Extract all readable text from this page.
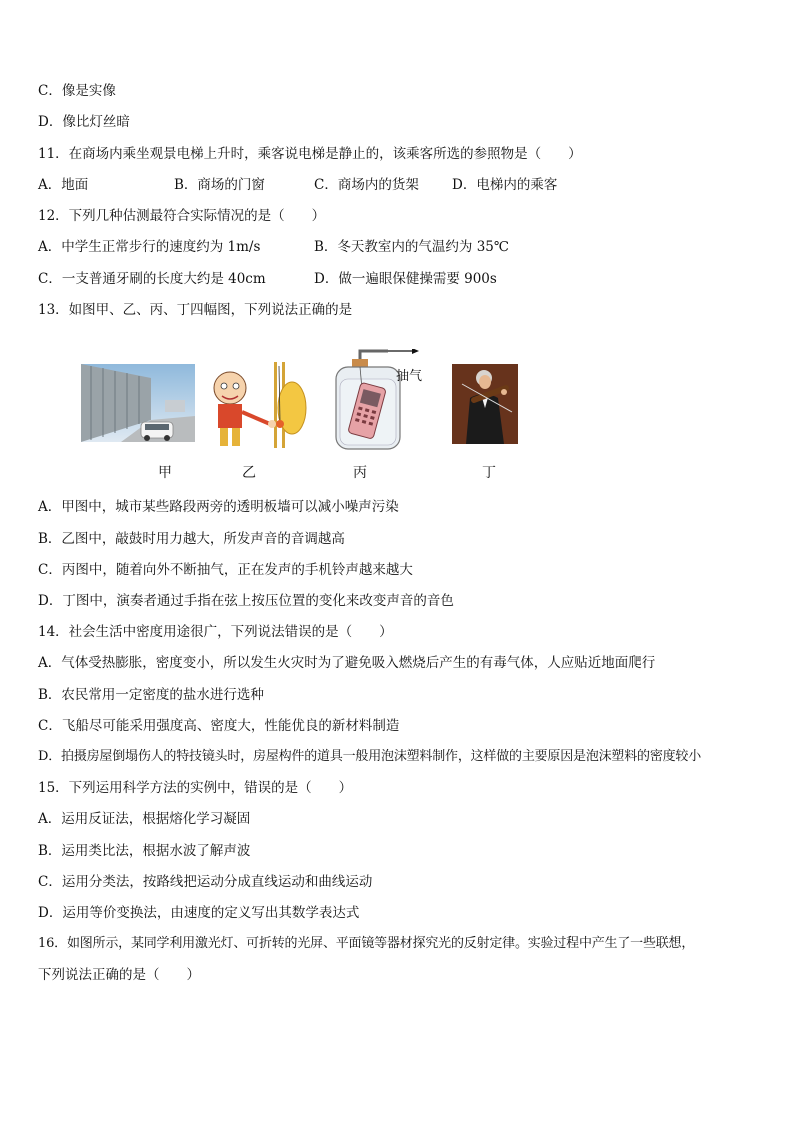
C．像是实像
D．像比灯丝暗
11．在商场内乘坐观景电梯上升时，乘客说电梯是静止的，该乘客所选的参照物是（　　）
A．地面	B．商场的门窗	C．商场内的货架 D．电梯内的乘客
12．下列几种估测最符合实际情况的是（　　）
A．中学生正常步行的速度约为 1m/s	B．冬天教室内的气温约为 35℃
C．一支普通牙刷的长度大约是 40cm	D．做一遍眼保健操需要 900s
13．如图甲、乙、丙、丁四幅图，下列说法正确的是
抽气
甲	乙	丙	丁
A．甲图中，城市某些路段两旁的透明板墙可以减小噪声污染
B．乙图中，敲鼓时用力越大，所发声音的音调越高
C．丙图中，随着向外不断抽气，正在发声的手机铃声越来越大
D．丁图中，演奏者通过手指在弦上按压位置的变化来改变声音的音色
14．社会生活中密度用途很广，下列说法错误的是（　　）
A．气体受热膨胀，密度变小，所以发生火灾时为了避免吸入燃烧后产生的有毒气体，人应贴近地面爬行
B．农民常用一定密度的盐水进行选种
C．飞船尽可能采用强度高、密度大，性能优良的新材料制造
D．拍摄房屋倒塌伤人的特技镜头时，房屋构件的道具一般用泡沫塑料制作，这样做的主要原因是泡沫塑料的密度较小
15．下列运用科学方法的实例中，错误的是（　　）
A．运用反证法，根据熔化学习凝固
B．运用类比法，根据水波了解声波
C．运用分类法，按路线把运动分成直线运动和曲线运动
D．运用等价变换法，由速度的定义写出其数学表达式
16．如图所示，某同学利用激光灯、可折转的光屏、平面镜等器材探究光的反射定律。实验过程中产生了一些联想，
下列说法正确的是（　　）
